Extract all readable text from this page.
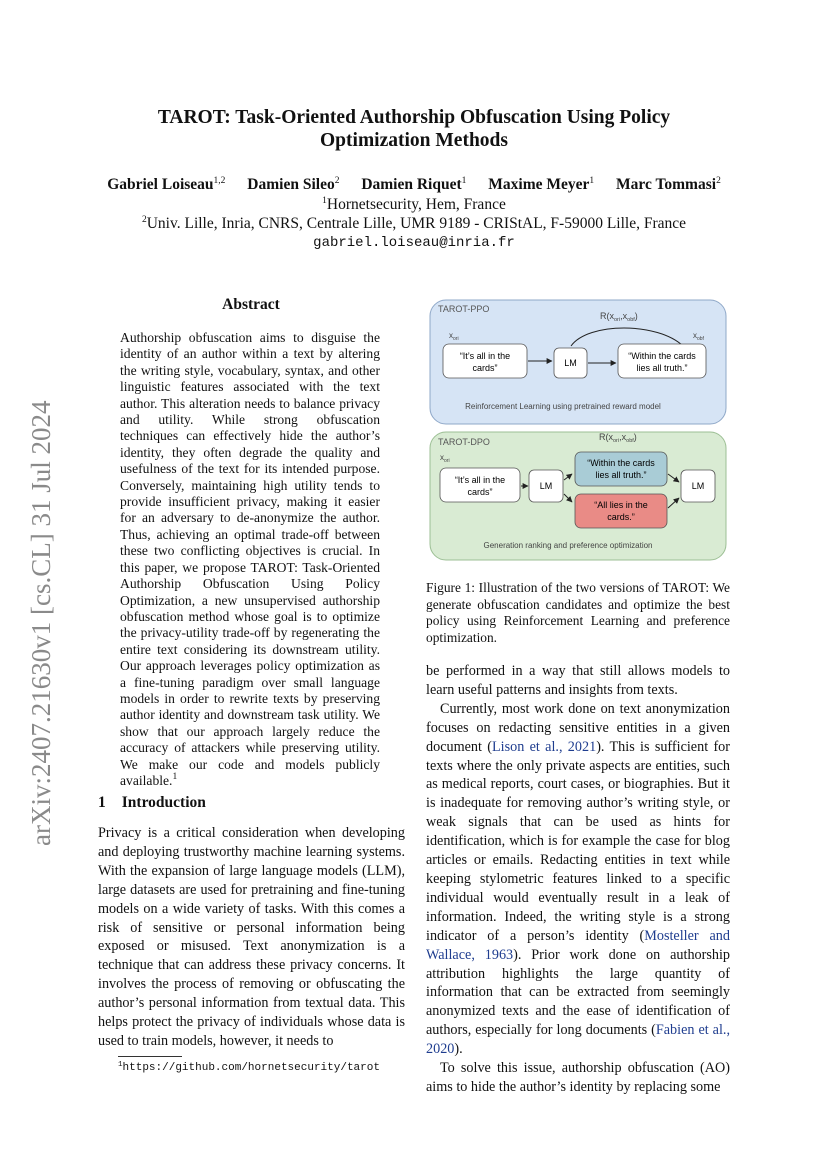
arXiv:2407.21630v1 [cs.CL] 31 Jul 2024
TAROT: Task-Oriented Authorship Obfuscation Using Policy
Optimization Methods
Gabriel Loiseau$^{1,2}$ Damien Sileo$^2$ Damien Riquet$^1$ Maxime Meyer$^1$ Marc Tommasi$^2$
$^1$Hornetsecurity, Hem, France
$^2$Univ. Lille, Inria, CNRS, Centrale Lille, UMR 9189 - CRIStAL, F-59000 Lille, France
gabriel.loiseau@inria.fr
Abstract
Authorship obfuscation aims to disguise the identity of an author within a text by altering the writing style, vocabulary, syntax, and other linguistic features associated with the text author. This alteration needs to balance privacy and utility. While strong obfuscation techniques can effectively hide the author’s identity, they often degrade the quality and usefulness of the text for its intended purpose. Conversely, maintaining high utility tends to provide insufficient privacy, making it easier for an adversary to de-anonymize the author. Thus, achieving an optimal trade-off between these two conflicting objectives is crucial. In this paper, we propose TAROT: Task-Oriented Authorship Obfuscation Using Policy Optimization, a new unsupervised authorship obfuscation method whose goal is to optimize the privacy-utility trade-off by regenerating the entire text considering its downstream utility. Our approach leverages policy optimization as a fine-tuning paradigm over small language models in order to rewrite texts by preserving author identity and downstream task utility. We show that our approach largely reduce the accuracy of attackers while preserving utility. We make our code and models publicly available.$^1$
1 Introduction
Privacy is a critical consideration when developing and deploying trustworthy machine learning systems. With the expansion of large language models (LLM), large datasets are used for pretraining and fine-tuning models on a wide variety of tasks. With this comes a risk of sensitive or personal information being exposed or misused. Text anonymization is a technique that can address these privacy concerns. It involves the process of removing or obfuscating the author’s personal information from textual data. This helps protect the privacy of individuals whose data is used to train models, however, it needs to
$^1$https://github.com/hornetsecurity/tarot
TAROT-PPO
$R(x_{ori},x_{obf})$
$x_{ori}$	$x_{obf}$
“It’s all in the
cards”	LM
“Within the cards
lies all truth.”
Reinforcement Learning using pretrained reward model
TAROT-DPO	$R(x_{ori},x_{obf})$
$x_{ori}$
“It’s all in the
cards”
LM
“Within the cards
lies all truth.”
“All lies in the
cards.”
LM
Generation ranking and preference optimization
Figure 1: Illustration of the two versions of TAROT: We generate obfuscation candidates and optimize the best policy using Reinforcement Learning and preference optimization.

be performed in a way that still allows models to learn useful patterns and insights from texts.

Currently, most work done on text anonymization focuses on redacting sensitive entities in a given document (Lison et al., 2021). This is sufficient for texts where the only private aspects are entities, such as medical reports, court cases, or biographies. But it is inadequate for removing author’s writing style, or weak signals that can be used as hints for identification, which is for example the case for blog articles or emails. Redacting entities in text while keeping stylometric features linked to a specific individual would eventually result in a leak of information. Indeed, the writing style is a strong indicator of a person’s identity (Mosteller and Wallace, 1963). Prior work done on authorship attribution highlights the large quantity of information that can be extracted from seemingly anonymized texts and the ease of identification of authors, especially for long documents (Fabien et al., 2020).

To solve this issue, authorship obfuscation (AO) aims to hide the author’s identity by replacing some
